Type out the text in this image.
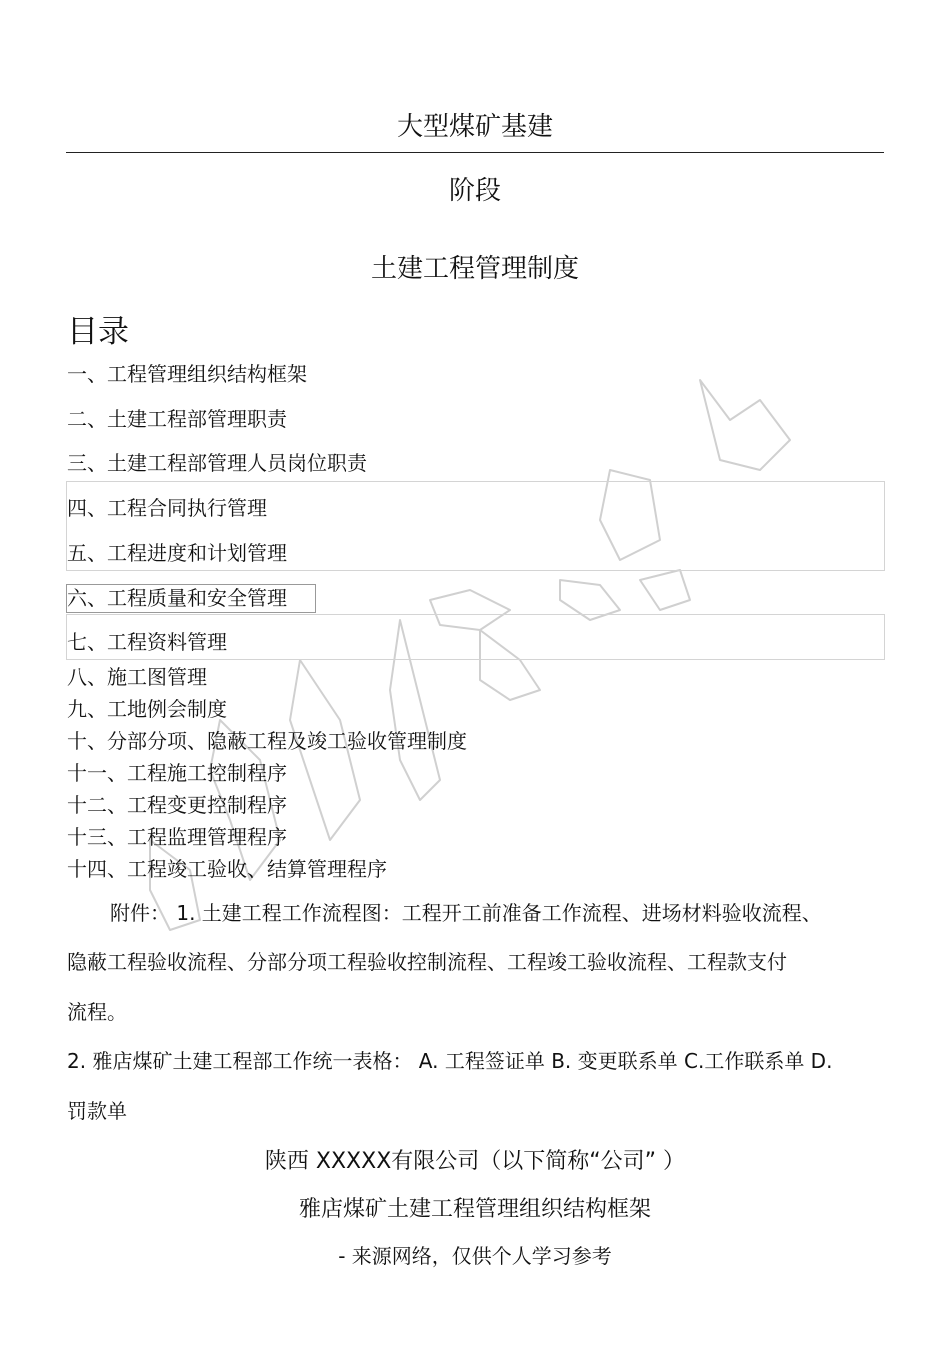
大型煤矿基建
阶段
土建工程管理制度
目录
一、工程管理组织结构框架
二、土建工程部管理职责
三、土建工程部管理人员岗位职责
四、工程合同执行管理
五、工程进度和计划管理
六、工程质量和安全管理
七、工程资料管理
八、施工图管理
九、工地例会制度
十、分部分项、隐蔽工程及竣工验收管理制度
十一、工程施工控制程序
十二、工程变更控制程序
十三、工程监理管理程序
十四、工程竣工验收、结算管理程序
附件： 1. 土建工程工作流程图：工程开工前准备工作流程、进场材料验收流程、
隐蔽工程验收流程、分部分项工程验收控制流程、工程竣工验收流程、工程款支付
流程。
2. 雅店煤矿土建工程部工作统一表格： A. 工程签证单 B. 变更联系单 C.工作联系单 D.
罚款单
陕西 XXXXX有限公司（以下简称“公司” ）
雅店煤矿土建工程管理组织结构框架
- 来源网络，仅供个人学习参考
